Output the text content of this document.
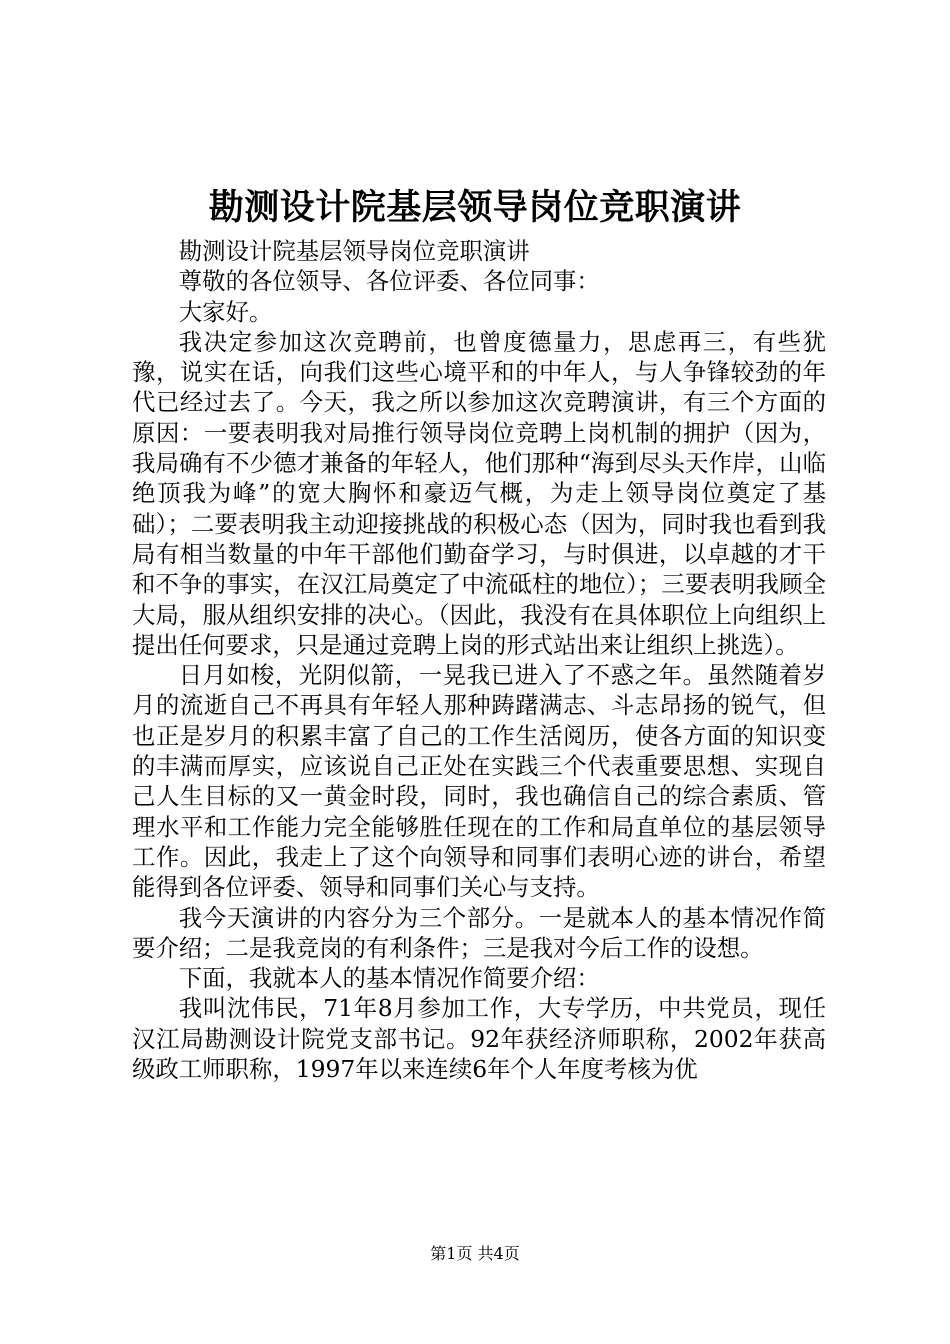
勘测设计院基层领导岗位竞职演讲

勘测设计院基层领导岗位竞职演讲

尊敬的各位领导、各位评委、各位同事：

大家好。

我决定参加这次竞聘前，也曾度德量力，思虑再三，有些犹豫，说实在话，向我们这些心境平和的中年人，与人争锋较劲的年代已经过去了。今天，我之所以参加这次竞聘演讲，有三个方面的原因：一要表明我对局推行领导岗位竞聘上岗机制的拥护（因为，我局确有不少德才兼备的年轻人，他们那种“海到尽头天作岸，山临绝顶我为峰”的宽大胸怀和豪迈气概，为走上领导岗位奠定了基础）；二要表明我主动迎接挑战的积极心态（因为，同时我也看到我局有相当数量的中年干部他们勤奋学习，与时俱进，以卓越的才干和不争的事实，在汉江局奠定了中流砥柱的地位）；三要表明我顾全大局，服从组织安排的决心。（因此，我没有在具体职位上向组织上提出任何要求，只是通过竞聘上岗的形式站出来让组织上挑选）。

日月如梭，光阴似箭，一晃我已进入了不惑之年。虽然随着岁月的流逝自己不再具有年轻人那种踌躇满志、斗志昂扬的锐气，但也正是岁月的积累丰富了自己的工作生活阅历，使各方面的知识变的丰满而厚实，应该说自己正处在实践三个代表重要思想、实现自己人生目标的又一黄金时段，同时，我也确信自己的综合素质、管理水平和工作能力完全能够胜任现在的工作和局直单位的基层领导工作。因此，我走上了这个向领导和同事们表明心迹的讲台，希望能得到各位评委、领导和同事们关心与支持。

我今天演讲的内容分为三个部分。一是就本人的基本情况作简要介绍；二是我竞岗的有利条件；三是我对今后工作的设想。

下面，我就本人的基本情况作简要介绍：

我叫沈伟民，71年8月参加工作，大专学历，中共党员，现任汉江局勘测设计院党支部书记。92年获经济师职称，2002年获高级政工师职称，1997年以来连续6年个人年度考核为优

第1页 共4页
